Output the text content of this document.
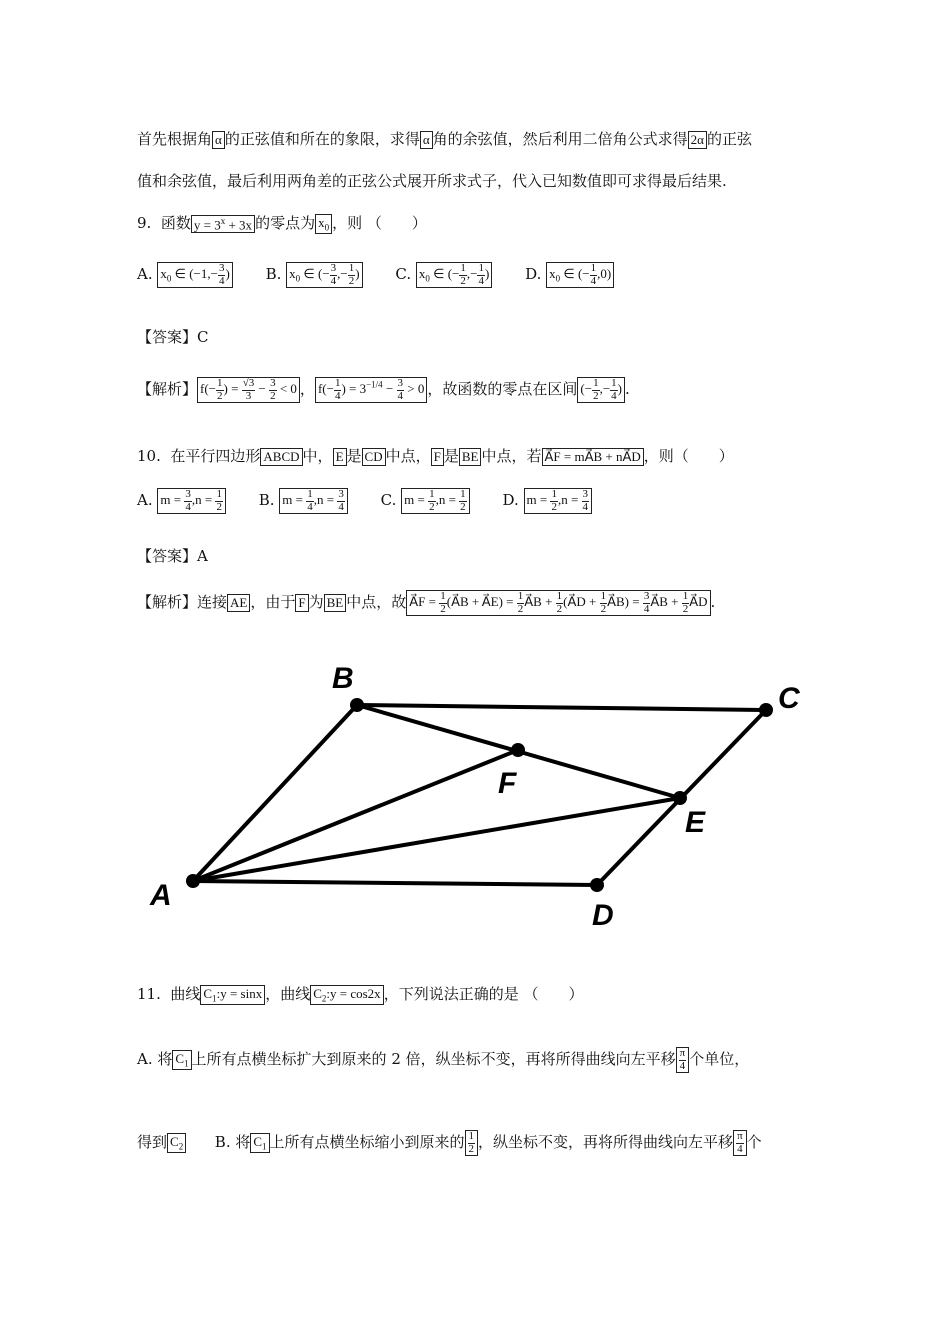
首先根据角 α 的正弦值和所在的象限，求得 α 角的余弦值，然后利用二倍角公式求得 2α 的正弦
值和余弦值，最后利用两角差的正弦公式展开所求式子，代入已知数值即可求得最后结果.
9. 函数 $y = 3^x + 3x$ 的零点为 $x_0$ ，则 （　　）
A. $x_0$ ∈ ($-1,- \frac{3}{4}$ ) B. $x_0$ ∈ (− $\frac{3}{4}$ ,− $\frac{1}{2}$ ) C. $x_0$ ∈ (− $\frac{1}{2}$ ,− $\frac{1}{4}$ ) D. $x_0$ ∈ (− $\frac{1}{4} ,0$)
【答案】C
【解析】 $f(- \frac{1}{2}$ ) = $\frac{√3}{3} - \frac{3}{2} < 0$ ， $f(- \frac{1}{4}$ ) = $3^{-1/4} - \frac{3}{4} > 0$ ，故函数的零点在区间 (− $\frac{1}{2}$ ,− $\frac{1}{4}$ ) .
10. 在平行四边形 ABCD 中， E 是 CD 中点， F 是 BE 中点，若 A⃗F = mA⃗B + nA⃗D ，则（　　）
A. $m = \frac{3}{4} ,n = \frac{1}{2} B$. $m = \frac{1}{4} ,n = \frac{3}{4} C$. $m = \frac{1}{2} ,n = \frac{1}{2} D$. $m = \frac{1}{2} ,n = \frac{3}{4}$
【答案】A
【解析】连接 AE ，由于 F 为 BE 中点，故 A⃗F = $\frac{1}{2}$ (A⃗B + A⃗E) = $\frac{1}{2}$ A⃗B + $\frac{1}{2}$ (A⃗D + $\frac{1}{2}$ A⃗B) = $\frac{3}{4}$ A⃗B + $\frac{1}{2}$ A⃗D .
A
B
C
D
E
F
11. 曲线 $C_1:y = \sin x$ ，曲线 $C_2:y = \cos 2x$ ，下列说法正确的是 （　　）
A. 将 $C_1$ 上所有点横坐标扩大到原来的 2 倍，纵坐标不变，再将所得曲线向左平移 $\frac{\pi}{4}$ 个单位，
得到 $C_2$ B. 将 $C_1$ 上所有点横坐标缩小到原来的 $\frac{1}{2}$ ，纵坐标不变，再将所得曲线向左平移 $\frac{\pi}{4}$ 个
